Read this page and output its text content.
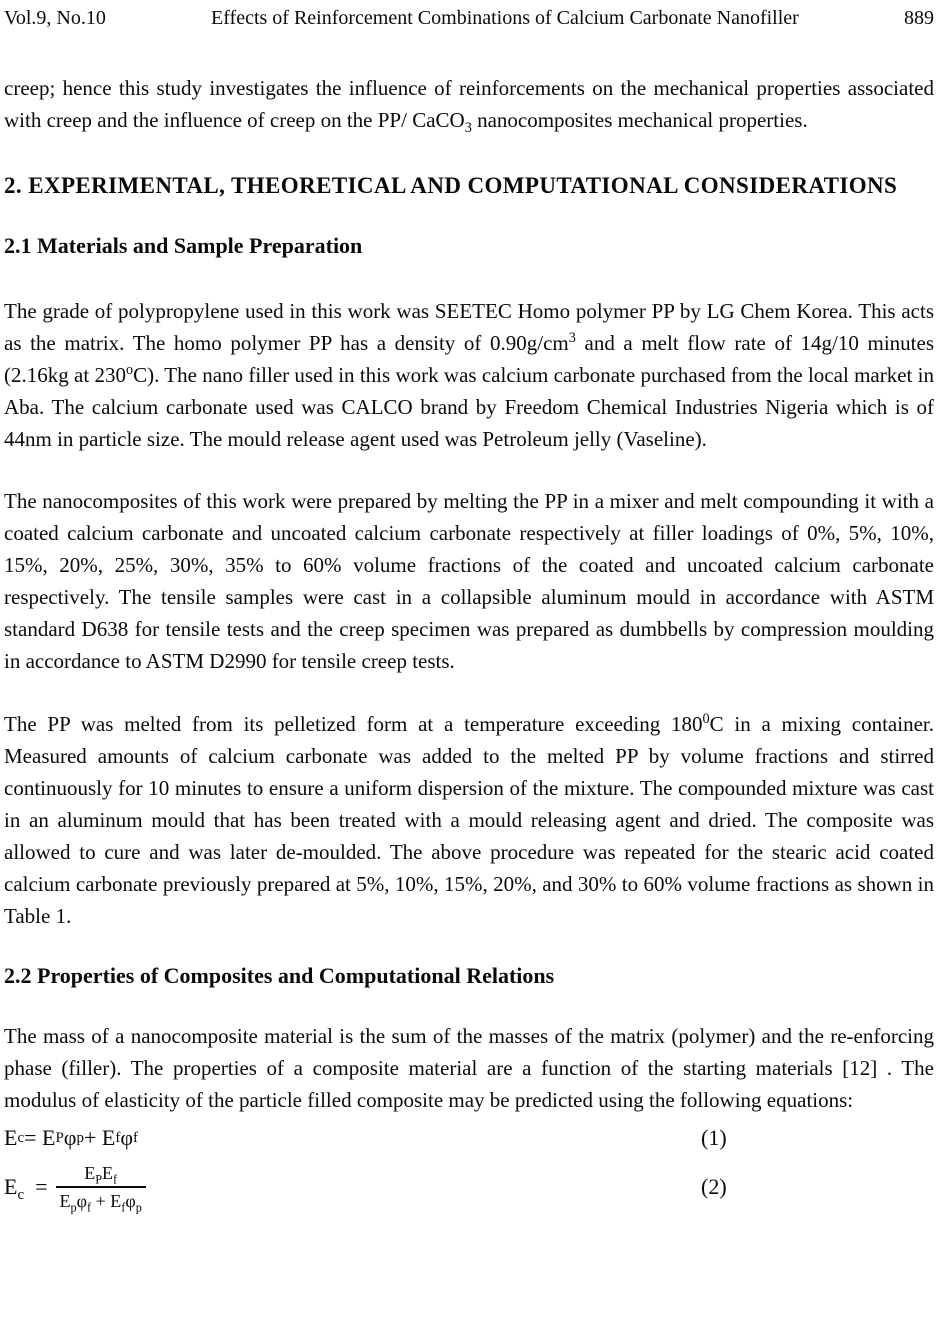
Vol.9, No.10	Effects of Reinforcement Combinations of Calcium Carbonate Nanofiller	889

creep; hence this study investigates the influence of reinforcements on the mechanical properties associated with creep and the influence of creep on the PP/ CaCO$_3$ nanocomposites mechanical properties.

2. EXPERIMENTAL, THEORETICAL AND COMPUTATIONAL CONSIDERATIONS
2.1 Materials and Sample Preparation

The grade of polypropylene used in this work was SEETEC Homo polymer PP by LG Chem Korea. This acts as the matrix. The homo polymer PP has a density of $0.90g/cm^3$ and a melt flow rate of 14g/10 minutes (2.16kg at 230$^o$C). The nano filler used in this work was calcium carbonate purchased from the local market in Aba. The calcium carbonate used was CALCO brand by Freedom Chemical Industries Nigeria which is of 44nm in particle size. The mould release agent used was Petroleum jelly (Vaseline).

The nanocomposites of this work were prepared by melting the PP in a mixer and melt compounding it with a coated calcium carbonate and uncoated calcium carbonate respectively at filler loadings of 0%, 5%, 10%, 15%, 20%, 25%, 30%, 35% to 60% volume fractions of the coated and uncoated calcium carbonate respectively. The tensile samples were cast in a collapsible aluminum mould in accordance with ASTM standard D638 for tensile tests and the creep specimen was prepared as dumbbells by compression moulding in accordance to ASTM D2990 for tensile creep tests.

The PP was melted from its pelletized form at a temperature exceeding $180^0C$ in a mixing container. Measured amounts of calcium carbonate was added to the melted PP by volume fractions and stirred continuously for 10 minutes to ensure a uniform dispersion of the mixture. The compounded mixture was cast in an aluminum mould that has been treated with a mould releasing agent and dried. The composite was allowed to cure and was later de-moulded. The above procedure was repeated for the stearic acid coated calcium carbonate previously prepared at 5%, 10%, 15%, 20%, and 30% to 60% volume fractions as shown in Table 1.

2.2 Properties of Composites and Computational Relations

The mass of a nanocomposite material is the sum of the masses of the matrix (polymer) and the re-enforcing phase (filler). The properties of a composite material are a function of the starting materials [12] . The modulus of elasticity of the particle filled composite may be predicted using the following equations:

E c = E P φ p + E f φ f	(1)
$E_c = \frac{E_PE_f}{E_p\varphi_f + E_f\varphi_p}$	(2)
